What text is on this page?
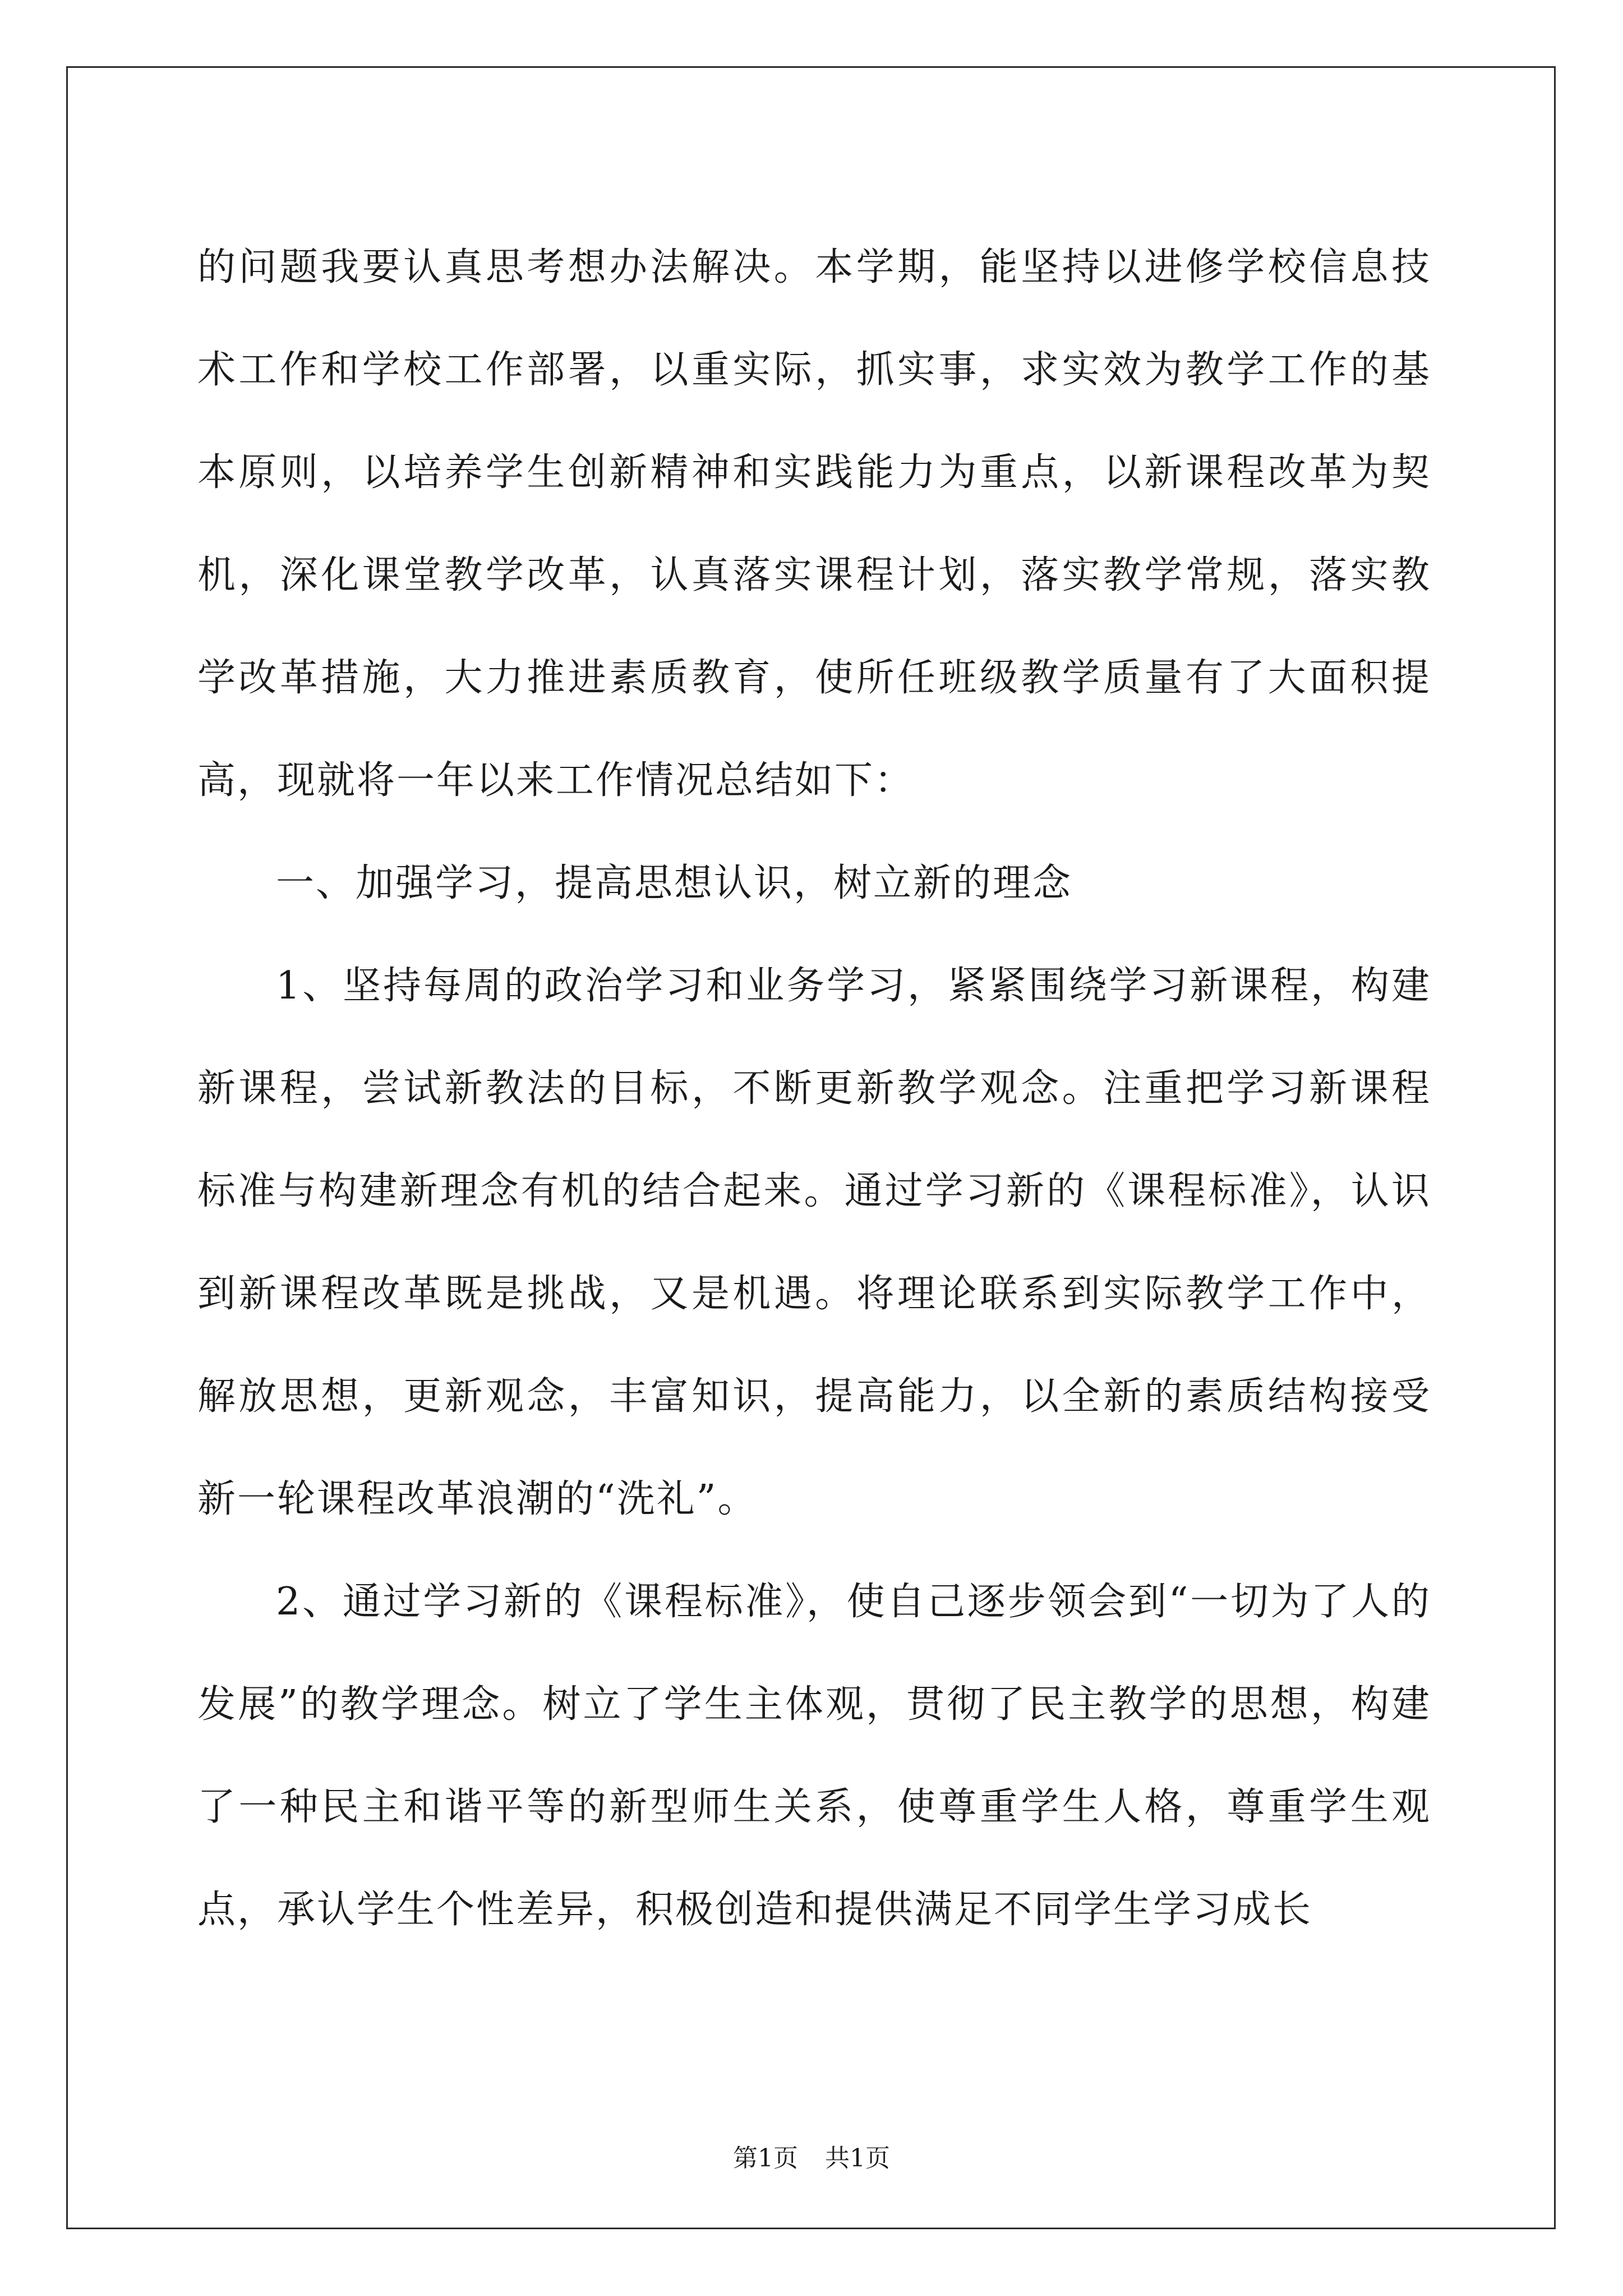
的问题我要认真思考想办法解决。本学期，能坚持以进修学校信息技术工作和学校工作部署，以重实际，抓实事，求实效为教学工作的基本原则，以培养学生创新精神和实践能力为重点，以新课程改革为契机，深化课堂教学改革，认真落实课程计划，落实教学常规，落实教学改革措施，大力推进素质教育，使所任班级教学质量有了大面积提高，现就将一年以来工作情况总结如下：

一、加强学习，提高思想认识，树立新的理念

1、坚持每周的政治学习和业务学习，紧紧围绕学习新课程，构建新课程，尝试新教法的目标，不断更新教学观念。注重把学习新课程标准与构建新理念有机的结合起来。通过学习新的《课程标准》，认识到新课程改革既是挑战，又是机遇。将理论联系到实际教学工作中，解放思想，更新观念，丰富知识，提高能力，以全新的素质结构接受新一轮课程改革浪潮的“洗礼”。

2、通过学习新的《课程标准》，使自己逐步领会到“一切为了人的发展”的教学理念。树立了学生主体观，贯彻了民主教学的思想，构建了一种民主和谐平等的新型师生关系，使尊重学生人格，尊重学生观点，承认学生个性差异，积极创造和提供满足不同学生学习成长

第1页 共1页
